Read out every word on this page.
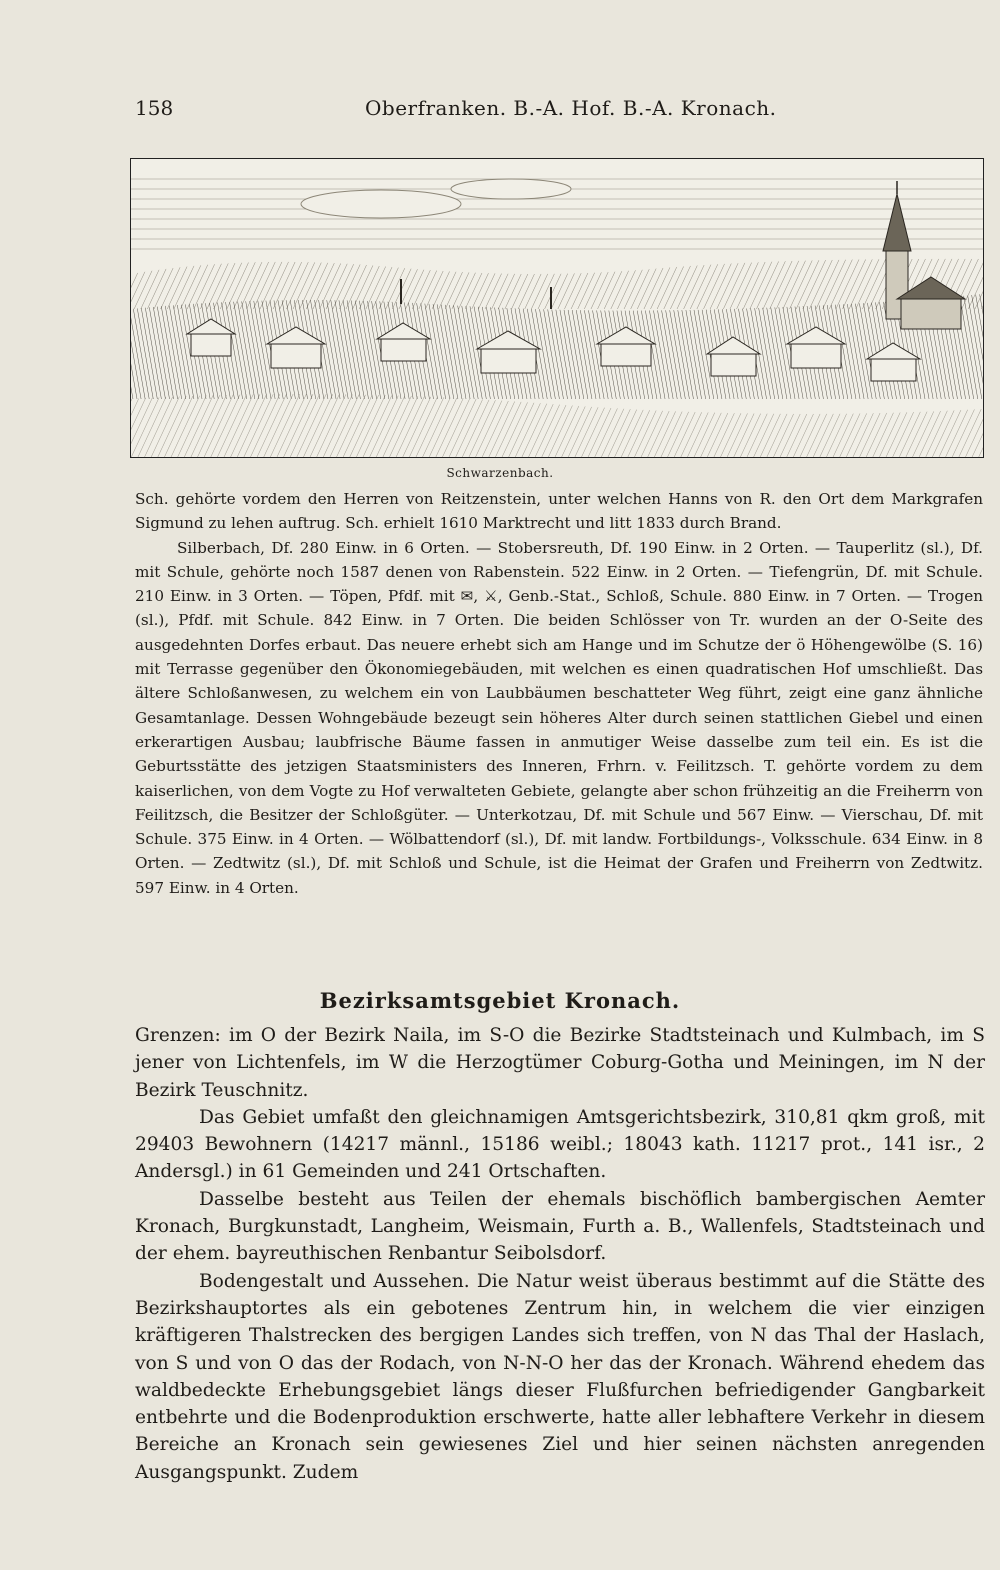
158	Oberfranken. B.-A. Hof. B.-A. Kronach.
Schwarzenbach.

Sch. gehörte vordem den Herren von Reitzenstein, unter welchen Hanns von R. den Ort dem Markgrafen Sigmund zu lehen auftrug. Sch. erhielt 1610 Marktrecht und litt 1833 durch Brand.

Silberbach, Df. 280 Einw. in 6 Orten. — Stobersreuth, Df. 190 Einw. in 2 Orten. — Tauperlitz (sl.), Df. mit Schule, gehörte noch 1587 denen von Rabenstein. 522 Einw. in 2 Orten. — Tiefengrün, Df. mit Schule. 210 Einw. in 3 Orten. — Töpen, Pfdf. mit ✉, ⚔, Genb.-Stat., Schloß, Schule. 880 Einw. in 7 Orten. — Trogen (sl.), Pfdf. mit Schule. 842 Einw. in 7 Orten. Die beiden Schlösser von Tr. wurden an der O-Seite des ausgedehnten Dorfes erbaut. Das neuere erhebt sich am Hange und im Schutze der ö Höhengewölbe (S. 16) mit Terrasse gegenüber den Ökonomiegebäuden, mit welchen es einen quadratischen Hof umschließt. Das ältere Schloßanwesen, zu welchem ein von Laubbäumen beschatteter Weg führt, zeigt eine ganz ähnliche Gesamtanlage. Dessen Wohngebäude bezeugt sein höheres Alter durch seinen stattlichen Giebel und einen erkerartigen Ausbau; laubfrische Bäume fassen in anmutiger Weise dasselbe zum teil ein. Es ist die Geburtsstätte des jetzigen Staatsministers des Inneren, Frhrn. v. Feilitzsch. T. gehörte vordem zu dem kaiserlichen, von dem Vogte zu Hof verwalteten Gebiete, gelangte aber schon frühzeitig an die Freiherrn von Feilitzsch, die Besitzer der Schloßgüter. — Unterkotzau, Df. mit Schule und 567 Einw. — Vierschau, Df. mit Schule. 375 Einw. in 4 Orten. — Wölbattendorf (sl.), Df. mit landw. Fortbildungs-, Volksschule. 634 Einw. in 8 Orten. — Zedtwitz (sl.), Df. mit Schloß und Schule, ist die Heimat der Grafen und Freiherrn von Zedtwitz. 597 Einw. in 4 Orten.

Bezirksamtsgebiet Kronach.

Grenzen: im O der Bezirk Naila, im S-O die Bezirke Stadtsteinach und Kulmbach, im S jener von Lichtenfels, im W die Herzogtümer Coburg-Gotha und Meiningen, im N der Bezirk Teuschnitz.

Das Gebiet umfaßt den gleichnamigen Amtsgerichtsbezirk, 310,81 qkm groß, mit 29403 Bewohnern (14217 männl., 15186 weibl.; 18043 kath. 11217 prot., 141 isr., 2 Andersgl.) in 61 Gemeinden und 241 Ortschaften.

Dasselbe besteht aus Teilen der ehemals bischöflich bambergischen Aemter Kronach, Burgkunstadt, Langheim, Weismain, Furth a. B., Wallenfels, Stadtsteinach und der ehem. bayreuthischen Renbantur Seibolsdorf.

Bodengestalt und Aussehen. Die Natur weist überaus bestimmt auf die Stätte des Bezirkshauptortes als ein gebotenes Zentrum hin, in welchem die vier einzigen kräftigeren Thalstrecken des bergigen Landes sich treffen, von N das Thal der Haslach, von S und von O das der Rodach, von N-N-O her das der Kronach. Während ehedem das waldbedeckte Erhebungsgebiet längs dieser Flußfurchen befriedigender Gangbarkeit entbehrte und die Bodenproduktion erschwerte, hatte aller lebhaftere Verkehr in diesem Bereiche an Kronach sein gewiesenes Ziel und hier seinen nächsten anregenden Ausgangspunkt. Zudem
